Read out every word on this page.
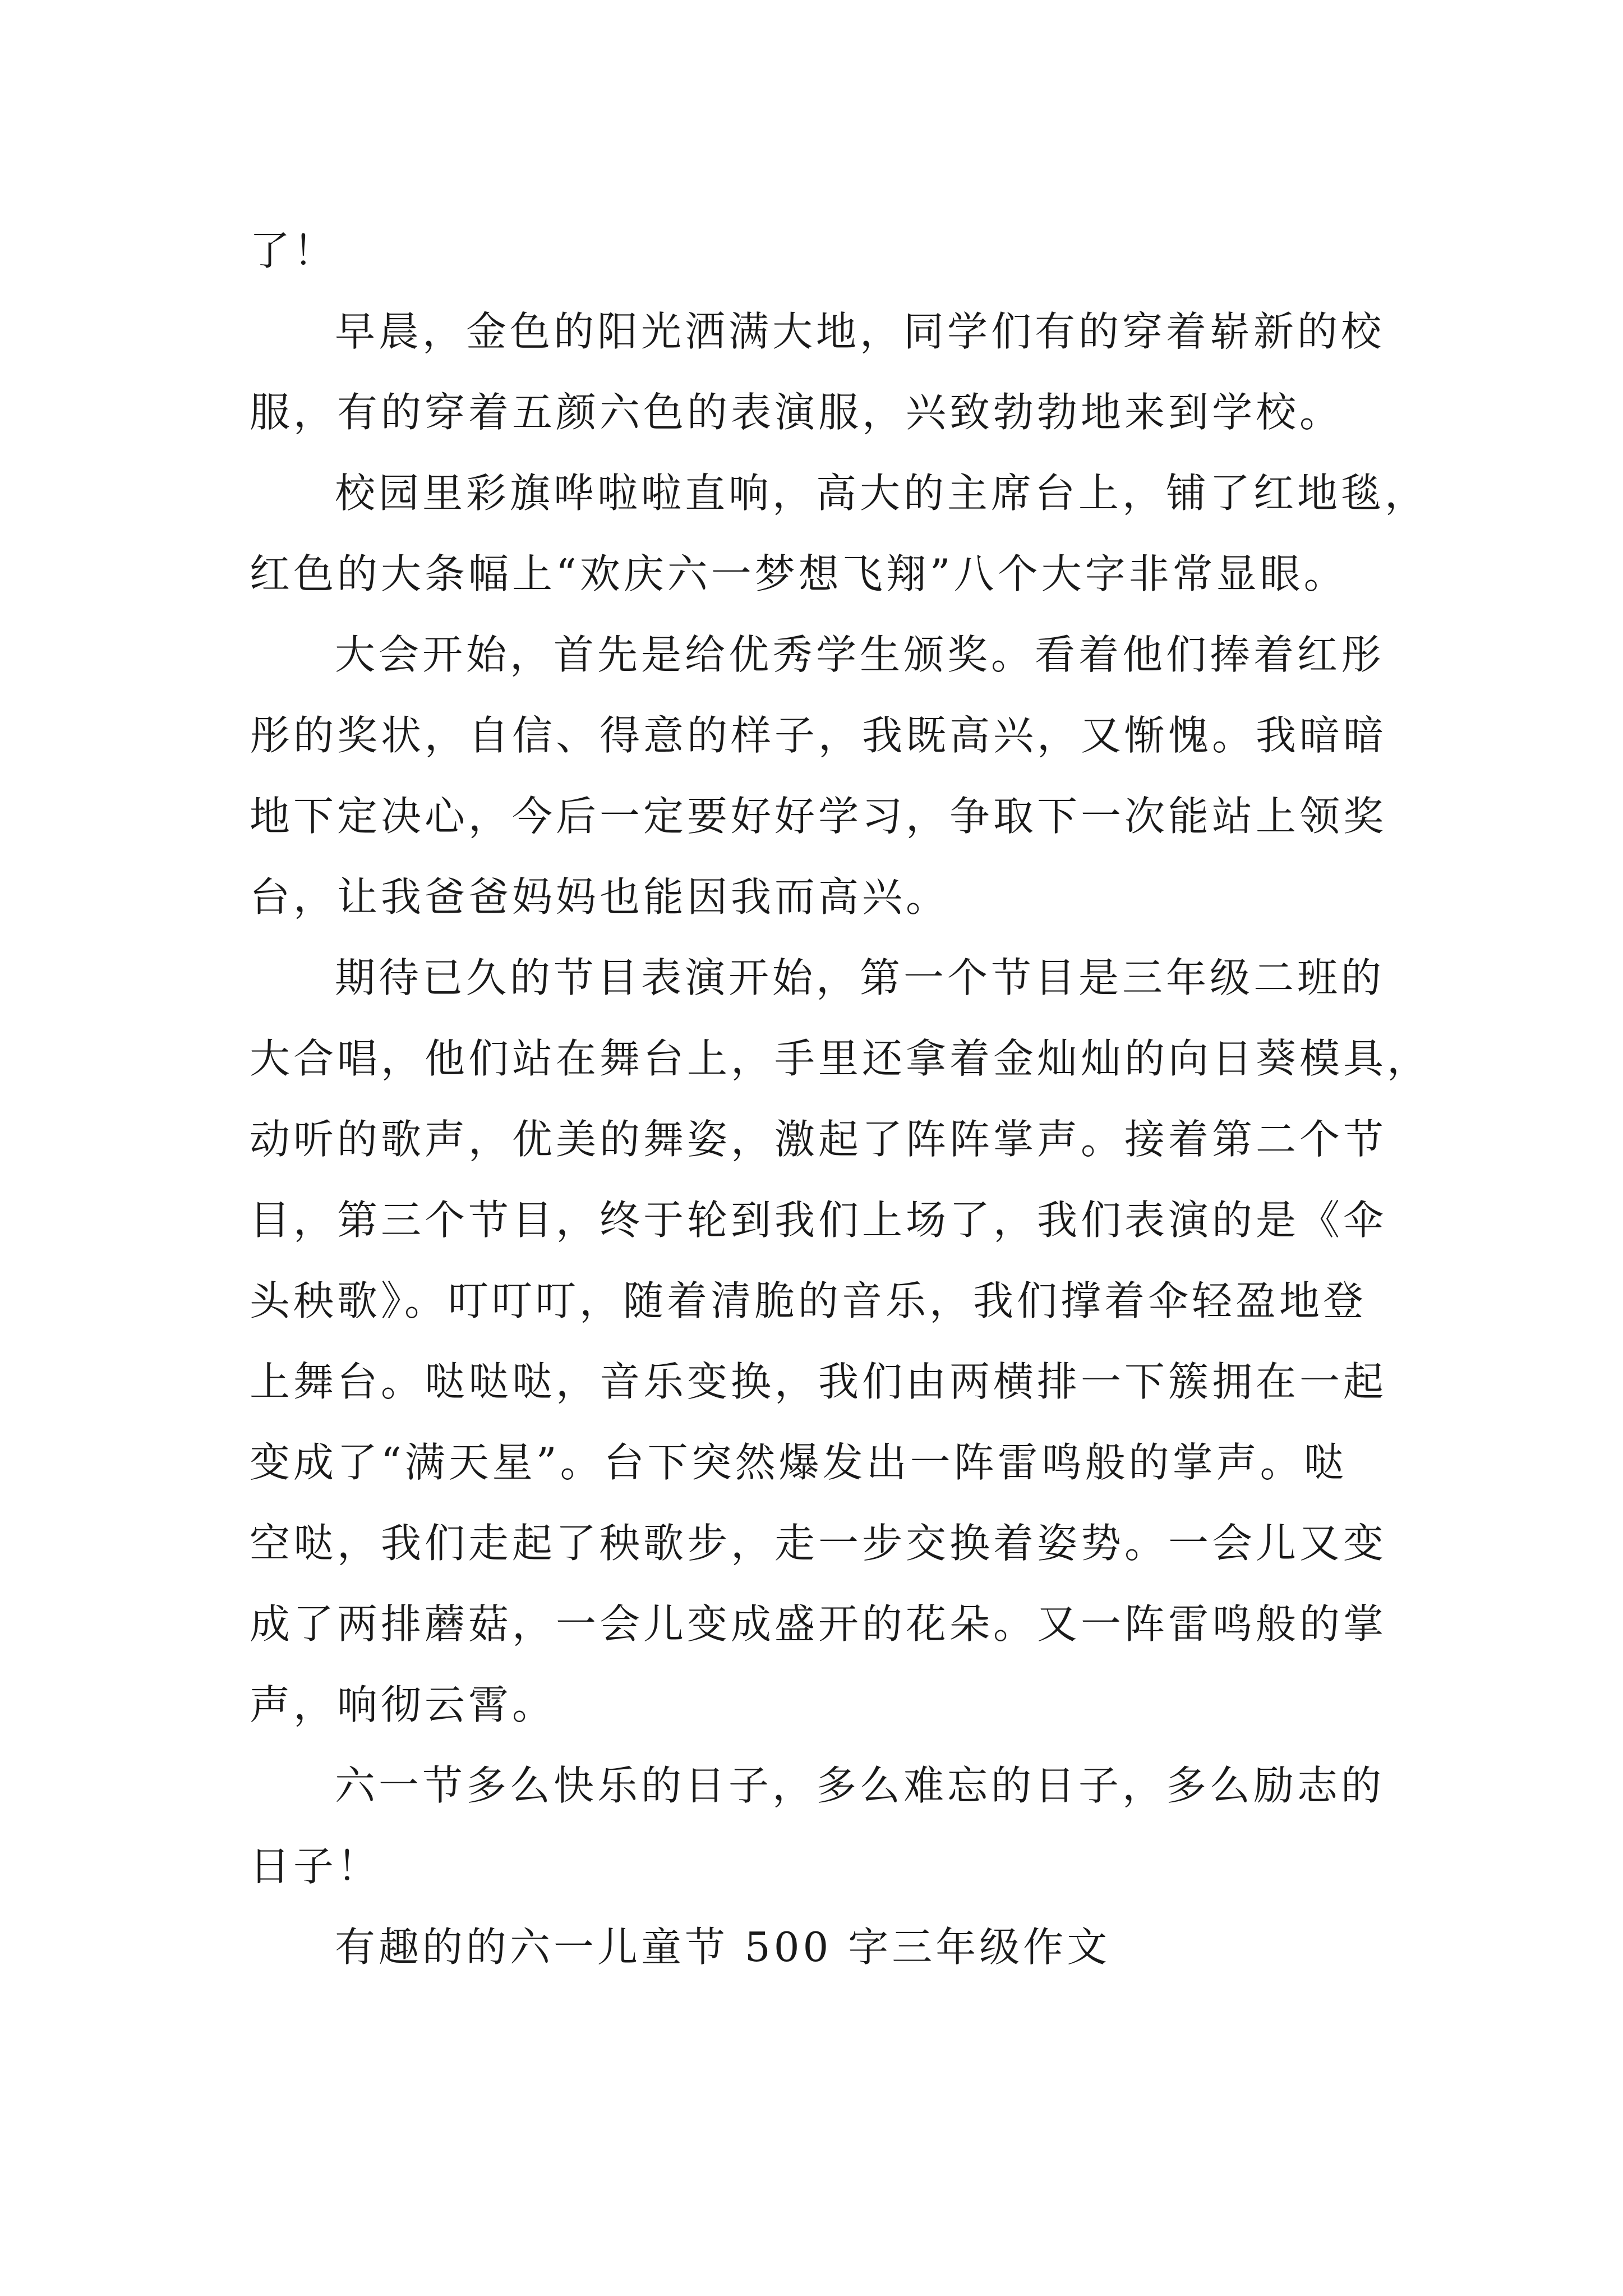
了！
早晨，金色的阳光洒满大地，同学们有的穿着崭新的校
服，有的穿着五颜六色的表演服，兴致勃勃地来到学校。
校园里彩旗哗啦啦直响，高大的主席台上，铺了红地毯，
红色的大条幅上“欢庆六一梦想飞翔”八个大字非常显眼。
大会开始，首先是给优秀学生颁奖。看着他们捧着红彤
彤的奖状，自信、得意的样子，我既高兴，又惭愧。我暗暗
地下定决心，今后一定要好好学习，争取下一次能站上领奖
台，让我爸爸妈妈也能因我而高兴。
期待已久的节目表演开始，第一个节目是三年级二班的
大合唱，他们站在舞台上，手里还拿着金灿灿的向日葵模具，
动听的歌声，优美的舞姿，激起了阵阵掌声。接着第二个节
目，第三个节目，终于轮到我们上场了，我们表演的是《伞
头秧歌》。叮叮叮，随着清脆的音乐，我们撑着伞轻盈地登
上舞台。哒哒哒，音乐变换，我们由两横排一下簇拥在一起
变成了“满天星”。台下突然爆发出一阵雷鸣般的掌声。哒
空哒，我们走起了秧歌步，走一步交换着姿势。一会儿又变
成了两排蘑菇，一会儿变成盛开的花朵。又一阵雷鸣般的掌
声，响彻云霄。
六一节多么快乐的日子，多么难忘的日子，多么励志的
日子！
有趣的的六一儿童节 500 字三年级作文
